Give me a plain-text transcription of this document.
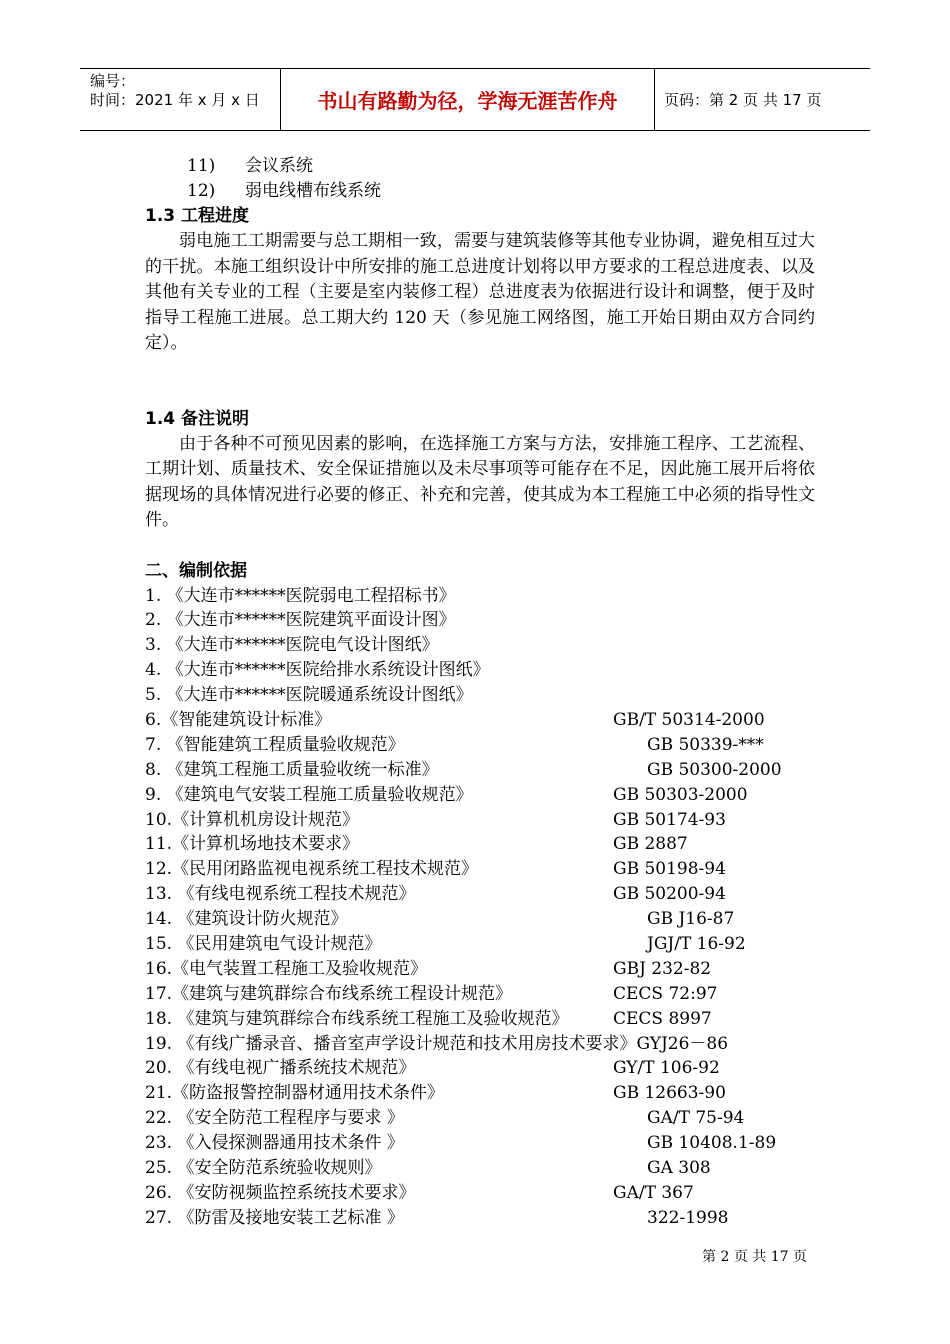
编号：
时间：2021 年 x 月 x 日	书山有路勤为径，学海无涯苦作舟	页码：第 2 页 共 17 页
11) 会议系统
12) 弱电线槽布线系统
1.3 工程进度

弱电施工工期需要与总工期相一致，需要与建筑装修等其他专业协调，避免相互过大的干扰。本施工组织设计中所安排的施工总进度计划将以甲方要求的工程总进度表、以及其他有关专业的工程（主要是室内装修工程）总进度表为依据进行设计和调整，便于及时指导工程施工进展。总工期大约 120 天（参见施工网络图，施工开始日期由双方合同约定）。

1.4 备注说明

由于各种不可预见因素的影响，在选择施工方案与方法，安排施工程序、工艺流程、工期计划、质量技术、安全保证措施以及未尽事项等可能存在不足，因此施工展开后将依据现场的具体情况进行必要的修正、补充和完善，使其成为本工程施工中必须的指导性文件。

二、编制依据
1. 《大连市******医院弱电工程招标书》
2. 《大连市******医院建筑平面设计图》
3. 《大连市******医院电气设计图纸》
4. 《大连市******医院给排水系统设计图纸》
5. 《大连市******医院暖通系统设计图纸》
6.《智能建筑设计标准》	GB/T 50314-2000
7. 《智能建筑工程质量验收规范》	GB 50339-***
8. 《建筑工程施工质量验收统一标准》	GB 50300-2000
9. 《建筑电气安装工程施工质量验收规范》	GB 50303-2000
10.《计算机机房设计规范》	GB 50174-93
11.《计算机场地技术要求》	GB 2887
12.《民用闭路监视电视系统工程技术规范》	GB 50198-94
13. 《有线电视系统工程技术规范》	GB 50200-94
14. 《建筑设计防火规范》	GB J16-87
15. 《民用建筑电气设计规范》	JGJ/T 16-92
16.《电气装置工程施工及验收规范》	GBJ 232-82
17.《建筑与建筑群综合布线系统工程设计规范》	CECS 72:97
18. 《建筑与建筑群综合布线系统工程施工及验收规范》	CECS 8997
19. 《有线广播录音、播音室声学设计规范和技术用房技术要求》GYJ26－86
20. 《有线电视广播系统技术规范》	GY/T 106-92
21.《防盗报警控制器材通用技术条件》	GB 12663-90
22. 《安全防范工程程序与要求 》	GA/T 75-94
23. 《入侵探测器通用技术条件 》	GB 10408.1-89
25. 《安全防范系统验收规则》	GA 308
26. 《安防视频监控系统技术要求》	GA/T 367
27. 《防雷及接地安装工艺标准 》	322-1998
第 2 页 共 17 页
